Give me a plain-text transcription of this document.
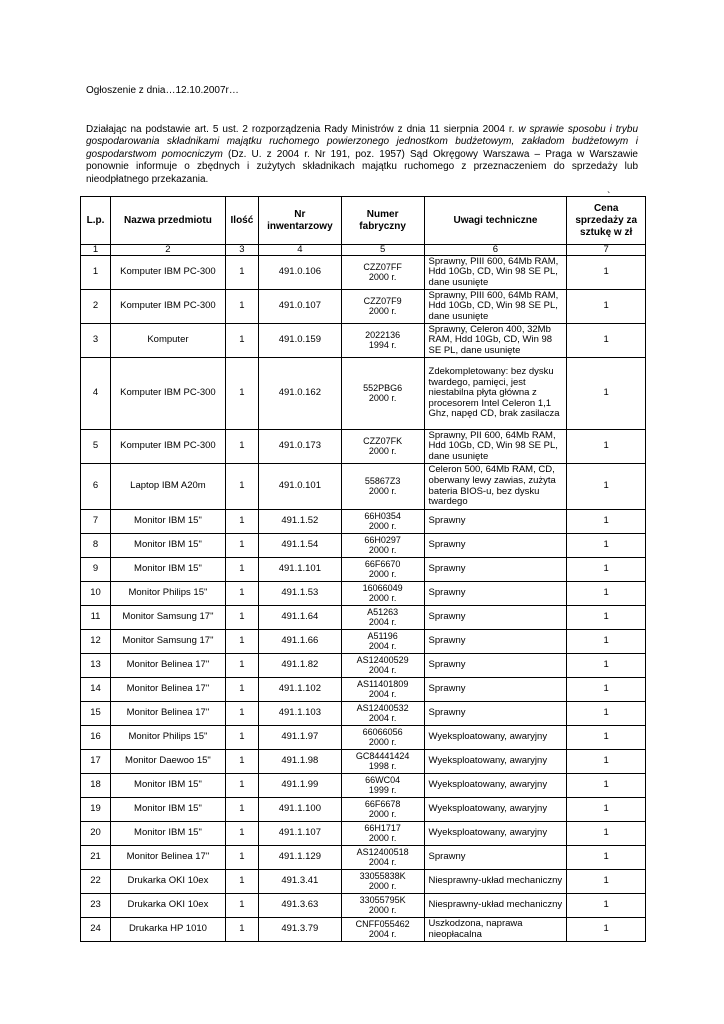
Ogłoszenie z dnia…12.10.2007r…
Działając na podstawie art. 5 ust. 2 rozporządzenia Rady Ministrów z dnia 11 sierpnia 2004 r. w sprawie sposobu i trybu gospodarowania składnikami majątku ruchomego powierzonego jednostkom budżetowym, zakładom budżetowym i gospodarstwom pomocniczym (Dz. U. z 2004 r. Nr 191, poz. 1957) Sąd Okręgowy Warszawa – Praga w Warszawie ponownie informuje o zbędnych i zużytych składnikach majątku ruchomego z przeznaczeniem do sprzedaży lub nieodpłatnego przekazania.
`
L.p.	Nazwa przedmiotu	Ilość	Nr inwentarzowy	Numer fabryczny	Uwagi techniczne	Cena sprzedaży za sztukę w zł
1	2	3	4	5	6	7

1	Komputer IBM PC-300	1	491.0.106	CZZ07FF
2000 r.	Sprawny, PIII 600, 64Mb RAM, Hdd 10Gb, CD, Win 98 SE PL, dane usunięte	1

2	Komputer IBM PC-300	1	491.0.107	CZZ07F9
2000 r.	Sprawny, PIII 600, 64Mb RAM, Hdd 10Gb, CD, Win 98 SE PL, dane usunięte	1

3	Komputer	1	491.0.159	2022136
1994 r.	Sprawny, Celeron 400, 32Mb RAM, Hdd 10Gb, CD, Win 98 SE PL, dane usunięte	1

4	Komputer IBM PC-300	1	491.0.162	552PBG6
2000 r.	Zdekompletowany: bez dysku twardego, pamięci, jest niestabilna płyta główna z procesorem Intel Celeron 1,1 Ghz, napęd CD, brak zasilacza	1

5	Komputer IBM PC-300	1	491.0.173	CZZ07FK
2000 r.	Sprawny, PII 600, 64Mb RAM, Hdd 10Gb, CD, Win 98 SE PL, dane usunięte	1

6	Laptop IBM A20m	1	491.0.101	55867Z3
2000 r.	Celeron 500, 64Mb RAM, CD, oberwany lewy zawias, zużyta bateria BIOS-u, bez dysku twardego	1

7	Monitor IBM 15"	1	491.1.52	66H0354
2000 r.	Sprawny	1

8	Monitor IBM 15"	1	491.1.54	66H0297
2000 r.	Sprawny	1

9	Monitor IBM 15"	1	491.1.101	66F6670
2000 r.	Sprawny	1

10	Monitor Philips 15"	1	491.1.53	16066049
2000 r.	Sprawny	1

11	Monitor Samsung 17"	1	491.1.64	A51263
2004 r.	Sprawny	1

12	Monitor Samsung 17"	1	491.1.66	A51196
2004 r.	Sprawny	1

13	Monitor Belinea 17"	1	491.1.82	AS12400529
2004 r.	Sprawny	1

14	Monitor Belinea 17"	1	491.1.102	AS11401809
2004 r.	Sprawny	1

15	Monitor Belinea 17"	1	491.1.103	AS12400532
2004 r.	Sprawny	1

16	Monitor Philips 15"	1	491.1.97	66066056
2000 r.	Wyeksploatowany, awaryjny	1

17	Monitor Daewoo 15"	1	491.1.98	GC84441424
1998 r.	Wyeksploatowany, awaryjny	1

18	Monitor IBM 15"	1	491.1.99	66WC04
1999 r.	Wyeksploatowany, awaryjny	1

19	Monitor IBM 15"	1	491.1.100	66F6678
2000 r.	Wyeksploatowany, awaryjny	1

20	Monitor IBM 15"	1	491.1.107	66H1717
2000 r.	Wyeksploatowany, awaryjny	1

21	Monitor Belinea 17"	1	491.1.129	AS12400518
2004 r.	Sprawny	1

22	Drukarka OKI 10ex	1	491.3.41	33055838K
2000 r.	Niesprawny-układ mechaniczny	1

23	Drukarka OKI 10ex	1	491.3.63	33055795K
2000 r.	Niesprawny-układ mechaniczny	1

24	Drukarka HP 1010	1	491.3.79	CNFF055462
2004 r.	Uszkodzona, naprawa nieopłacalna	1
